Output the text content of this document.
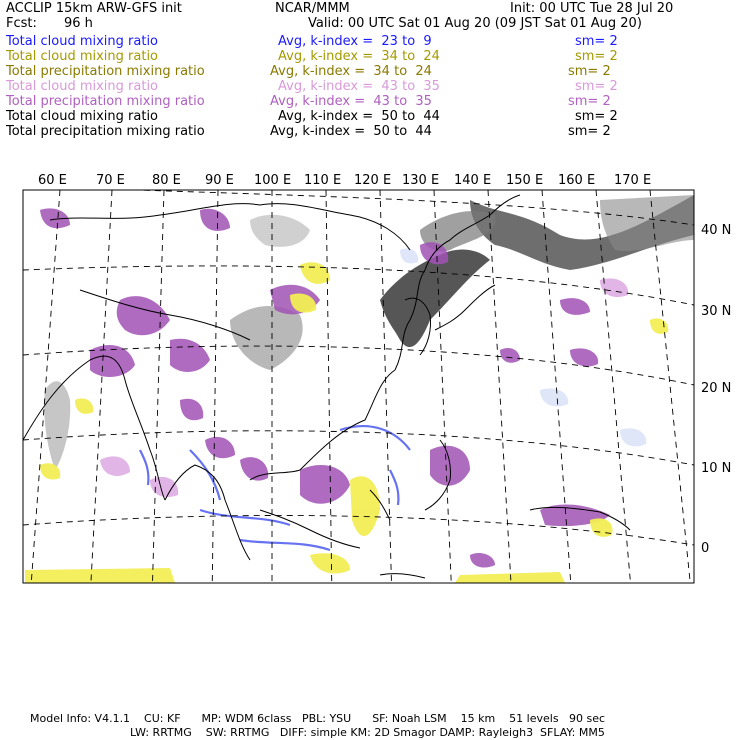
ACCLIP 15km ARW-GFS init	NCAR/MMM	Init: 00 UTC Tue 28 Jul 20
Fcst: 96 h	Valid: 00 UTC Sat 01 Aug 20 (09 JST Sat 01 Aug 20)
Total cloud mixing ratio	Avg, k-index =  23 to  9	sm= 2
Total cloud mixing ratio	Avg, k-index =  34 to  24	sm= 2
Total precipitation mixing ratio	Avg, k-index =  34 to  24	sm= 2
Total cloud mixing ratio	Avg, k-index =  43 to  35	sm= 2
Total precipitation mixing ratio	Avg, k-index =  43 to  35	sm= 2
Total cloud mixing ratio	Avg, k-index =  50 to  44	sm= 2
Total precipitation mixing ratio	Avg, k-index =  50 to  44	sm= 2
60 E 70 E 80 E 90 E 100 E 110 E 120 E 130 E 140 E 150 E 160 E 170 E
40 N
30 N
20 N
10 N
0
Model Info: V4.1.1    CU: KF      MP: WDM 6class   PBL: YSU      SF: Noah LSM    15 km    51 levels   90 sec
LW: RRTMG    SW: RRTMG   DIFF: simple KM: 2D Smagor DAMP: Rayleigh3  SFLAY: MM5
